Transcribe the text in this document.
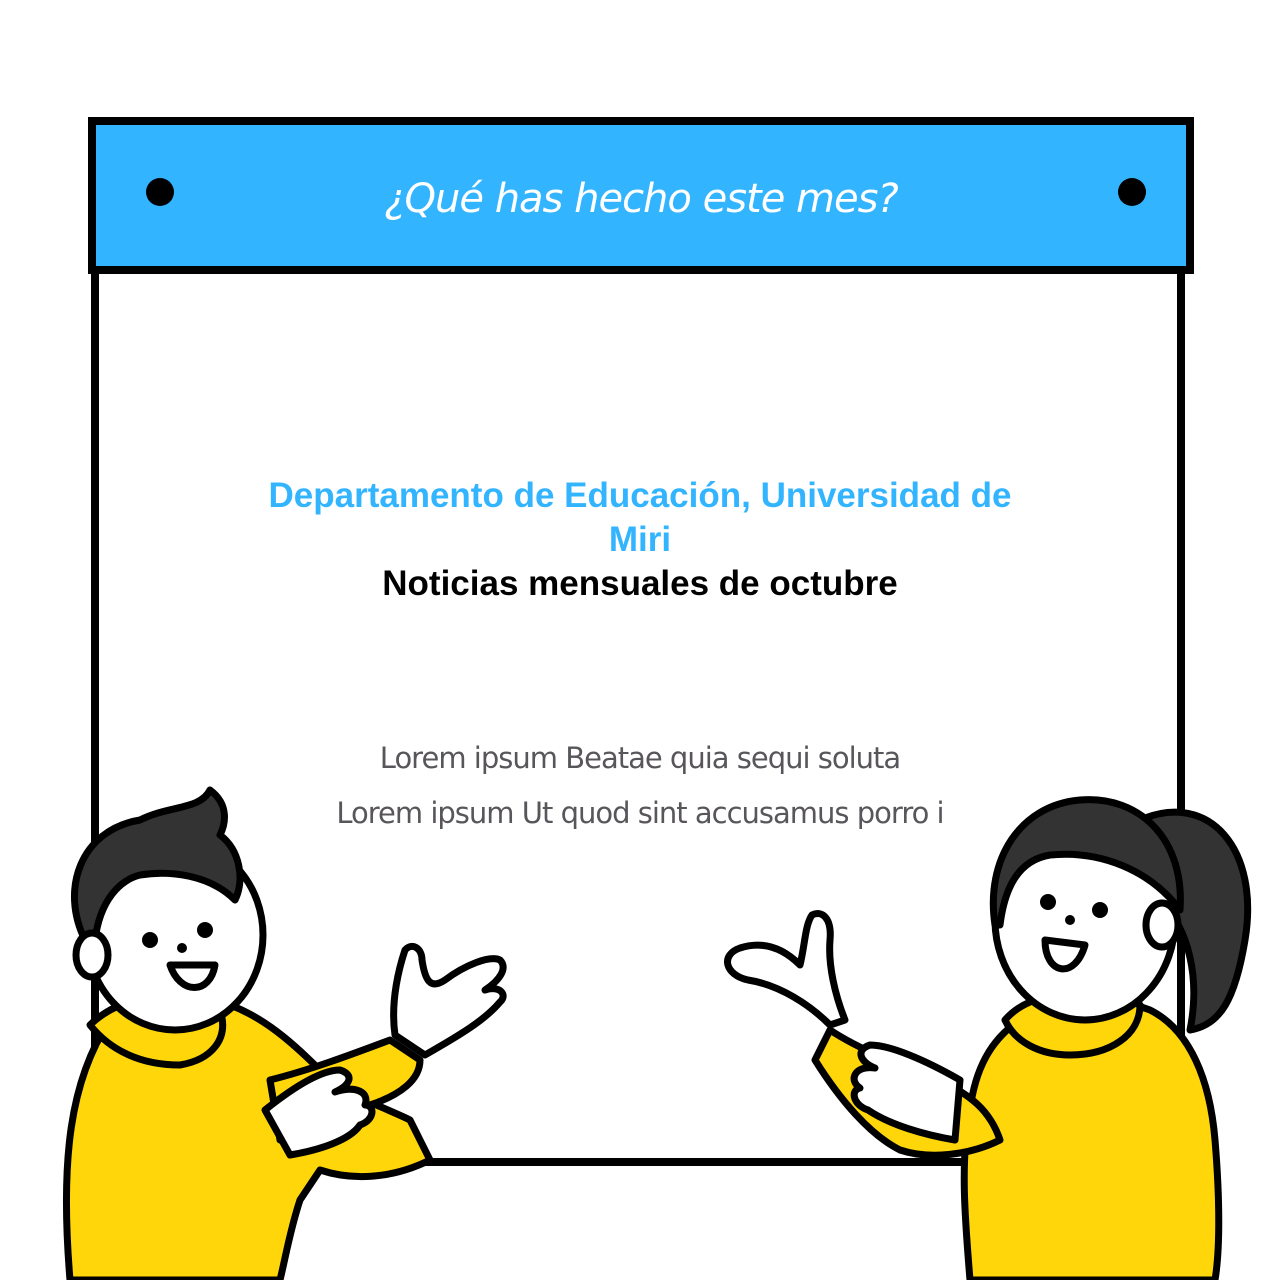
¿Qué has hecho este mes?
Departamento de Educación, Universidad de Miri
Noticias mensuales de octubre
Lorem ipsum Beatae quia sequi soluta
Lorem ipsum Ut quod sint accusamus porro i
